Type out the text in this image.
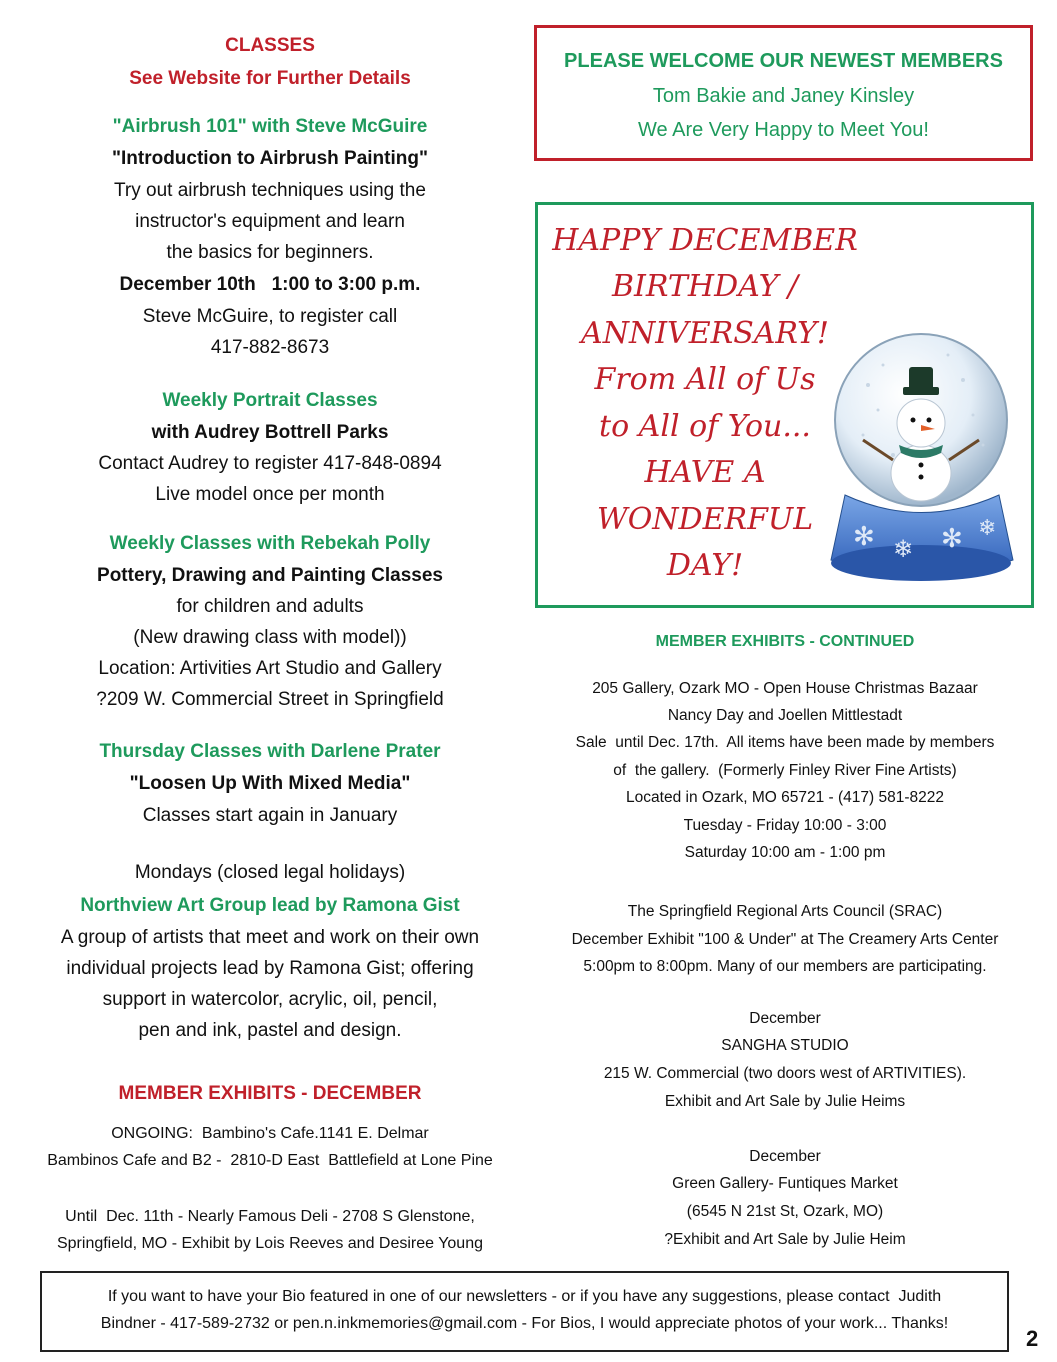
CLASSES
See Website for Further Details
"Airbrush 101" with Steve McGuire
"Introduction to Airbrush Painting"
Try out airbrush techniques using the
instructor's equipment and learn
the basics for beginners.
December 10th   1:00 to 3:00 p.m.
Steve McGuire, to register call
417-882-8673
Weekly Portrait Classes
with Audrey Bottrell Parks
Contact Audrey to register 417-848-0894
Live model once per month
Weekly Classes with Rebekah Polly
Pottery, Drawing and Painting Classes
for children and adults
(New drawing class with model))
Location: Artivities Art Studio and Gallery
?209 W. Commercial Street in Springfield
Thursday Classes with Darlene Prater
"Loosen Up With Mixed Media"
Classes start again in January
Mondays (closed legal holidays)
Northview Art Group lead by Ramona Gist
A group of artists that meet and work on their own
individual projects lead by Ramona Gist; offering
support in watercolor, acrylic, oil, pencil,
pen and ink, pastel and design.
MEMBER EXHIBITS - DECEMBER
ONGOING:  Bambino's Cafe.1141 E. Delmar
Bambinos Cafe and B2 -  2810-D East  Battlefield at Lone Pine
Until  Dec. 11th - Nearly Famous Deli - 2708 S Glenstone,
Springfield, MO - Exhibit by Lois Reeves and Desiree Young
PLEASE WELCOME OUR NEWEST MEMBERS
Tom Bakie and Janey Kinsley
We Are Very Happy to Meet You!
HAPPY DECEMBER
BIRTHDAY /
ANNIVERSARY!
From All of Us
to All of You...
HAVE A
WONDERFUL
DAY!
✻ ❄ ✻ ❄
MEMBER EXHIBITS - CONTINUED
205 Gallery, Ozark MO - Open House Christmas Bazaar
Nancy Day and Joellen Mittlestadt
Sale  until Dec. 17th.  All items have been made by members
of  the gallery.  (Formerly Finley River Fine Artists)
Located in Ozark, MO 65721 - (417) 581-8222
Tuesday - Friday 10:00 - 3:00
Saturday 10:00 am - 1:00 pm
The Springfield Regional Arts Council (SRAC)
December Exhibit "100 & Under" at The Creamery Arts Center
5:00pm to 8:00pm. Many of our members are participating.
December
SANGHA STUDIO
215 W. Commercial (two doors west of ARTIVITIES).
Exhibit and Art Sale by Julie Heims
December
Green Gallery- Funtiques Market
(6545 N 21st St, Ozark, MO)
?Exhibit and Art Sale by Julie Heim
If you want to have your Bio featured in one of our newsletters - or if you have any suggestions, please contact  Judith
Bindner - 417-589-2732 or pen.n.inkmemories@gmail.com - For Bios, I would appreciate photos of your work... Thanks!
2
